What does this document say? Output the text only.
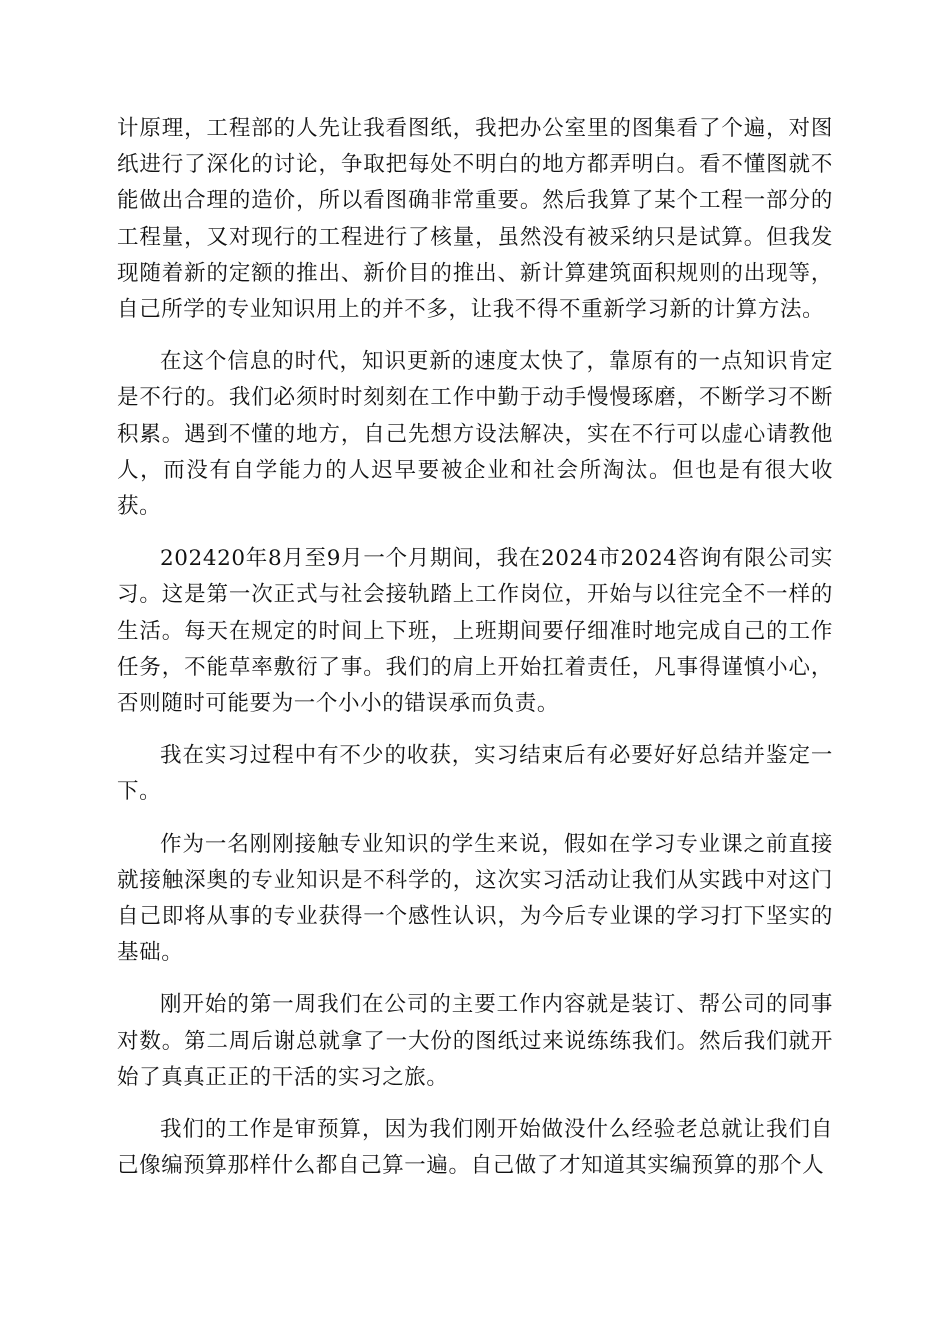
计原理，工程部的人先让我看图纸，我把办公室里的图集看了个遍，对图纸进行了深化的讨论，争取把每处不明白的地方都弄明白。看不懂图就不能做出合理的造价，所以看图确非常重要。然后我算了某个工程一部分的工程量，又对现行的工程进行了核量，虽然没有被采纳只是试算。但我发现随着新的定额的推出、新价目的推出、新计算建筑面积规则的出现等，自己所学的专业知识用上的并不多，让我不得不重新学习新的计算方法。

在这个信息的时代，知识更新的速度太快了，靠原有的一点知识肯定是不行的。我们必须时时刻刻在工作中勤于动手慢慢琢磨，不断学习不断积累。遇到不懂的地方，自己先想方设法解决，实在不行可以虚心请教他人，而没有自学能力的人迟早要被企业和社会所淘汰。但也是有很大收获。

202420年8月至9月一个月期间，我在2024市2024咨询有限公司实习。这是第一次正式与社会接轨踏上工作岗位，开始与以往完全不一样的生活。每天在规定的时间上下班，上班期间要仔细准时地完成自己的工作任务，不能草率敷衍了事。我们的肩上开始扛着责任，凡事得谨慎小心，否则随时可能要为一个小小的错误承而负责。

我在实习过程中有不少的收获，实习结束后有必要好好总结并鉴定一下。

作为一名刚刚接触专业知识的学生来说，假如在学习专业课之前直接就接触深奥的专业知识是不科学的，这次实习活动让我们从实践中对这门自己即将从事的专业获得一个感性认识，为今后专业课的学习打下坚实的基础。

刚开始的第一周我们在公司的主要工作内容就是装订、帮公司的同事对数。第二周后谢总就拿了一大份的图纸过来说练练我们。然后我们就开始了真真正正的干活的实习之旅。

我们的工作是审预算，因为我们刚开始做没什么经验老总就让我们自己像编预算那样什么都自己算一遍。自己做了才知道其实编预算的那个人
